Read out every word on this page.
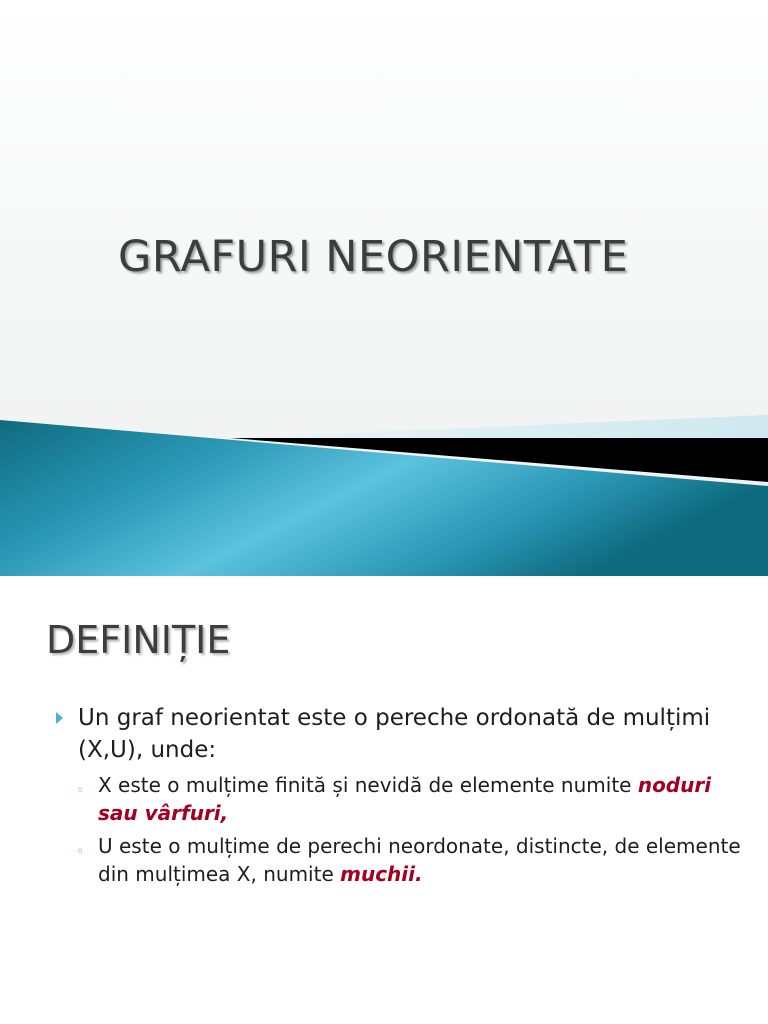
GRAFURI NEORIENTATE
DEFINIȚIE
Un graf neorientat este o pereche ordonată de mulțimi (X,U), unde:
◦ X este o mulțime finită și nevidă de elemente numite noduri sau vârfuri,
◦ U este o mulțime de perechi neordonate, distincte, de elemente din mulțimea X, numite muchii.
